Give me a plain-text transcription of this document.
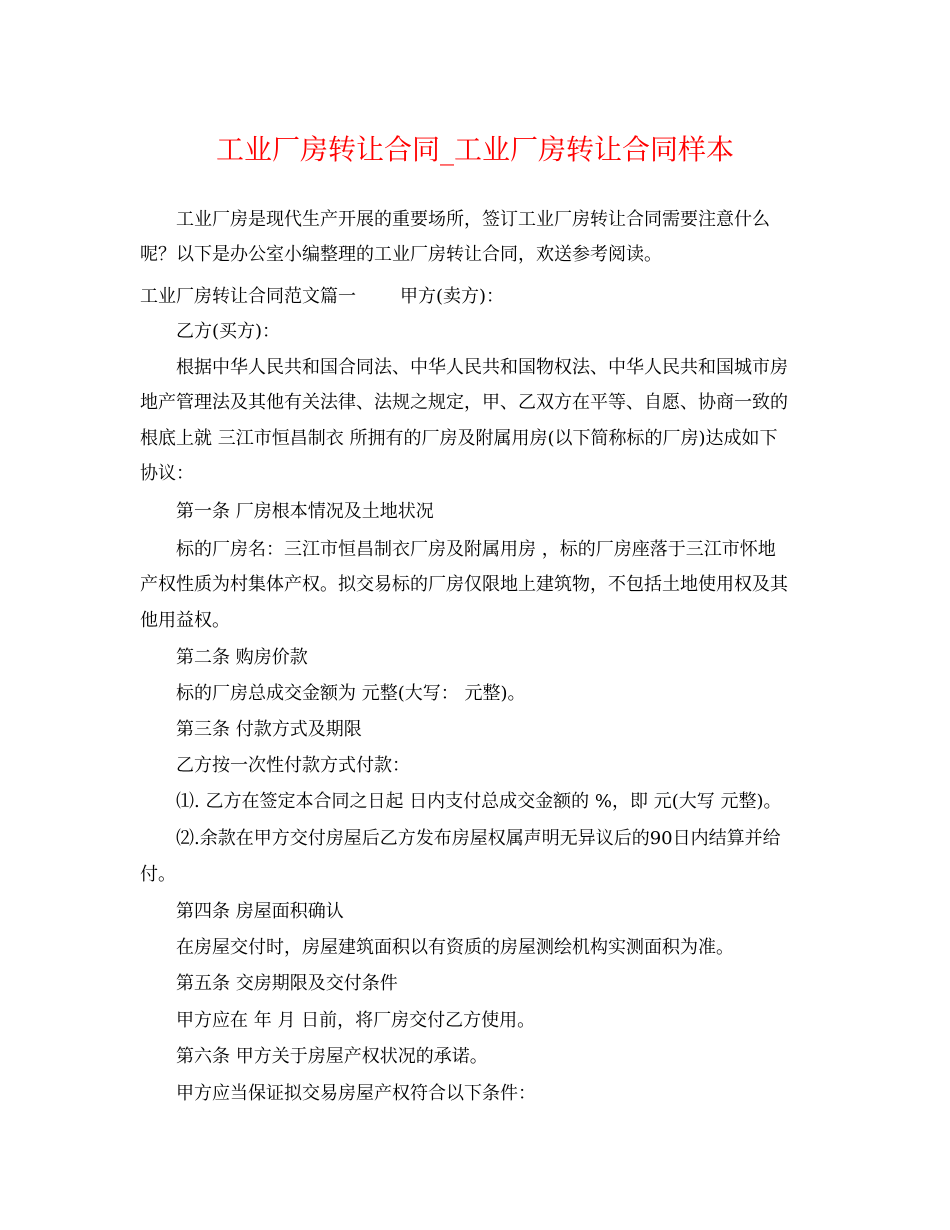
工业厂房转让合同_工业厂房转让合同样本

工业厂房是现代生产开展的重要场所，签订工业厂房转让合同需要注意什么

呢？以下是办公室小编整理的工业厂房转让合同，欢送参考阅读。

工业厂房转让合同范文篇一 甲方(卖方)：

乙方(买方)：

根据中华人民共和国合同法、中华人民共和国物权法、中华人民共和国城市房

地产管理法及其他有关法律、法规之规定，甲、乙双方在平等、自愿、协商一致的

根底上就 三江市恒昌制衣 所拥有的厂房及附属用房(以下简称标的厂房)达成如下

协议：

第一条 厂房根本情况及土地状况

标的厂房名：三江市恒昌制衣厂房及附属用房 ，标的厂房座落于三江市怀地

产权性质为村集体产权。拟交易标的厂房仅限地上建筑物，不包括土地使用权及其

他用益权。

第二条 购房价款

标的厂房总成交金额为 元整(大写： 元整)。

第三条 付款方式及期限

乙方按一次性付款方式付款：

⑴. 乙方在签定本合同之日起 日内支付总成交金额的 %，即 元(大写 元整)。

⑵.余款在甲方交付房屋后乙方发布房屋权属声明无异议后的90日内结算并给

付。

第四条 房屋面积确认

在房屋交付时，房屋建筑面积以有资质的房屋测绘机构实测面积为准。

第五条 交房期限及交付条件

甲方应在 年 月 日前，将厂房交付乙方使用。

第六条 甲方关于房屋产权状况的承诺。

甲方应当保证拟交易房屋产权符合以下条件：
